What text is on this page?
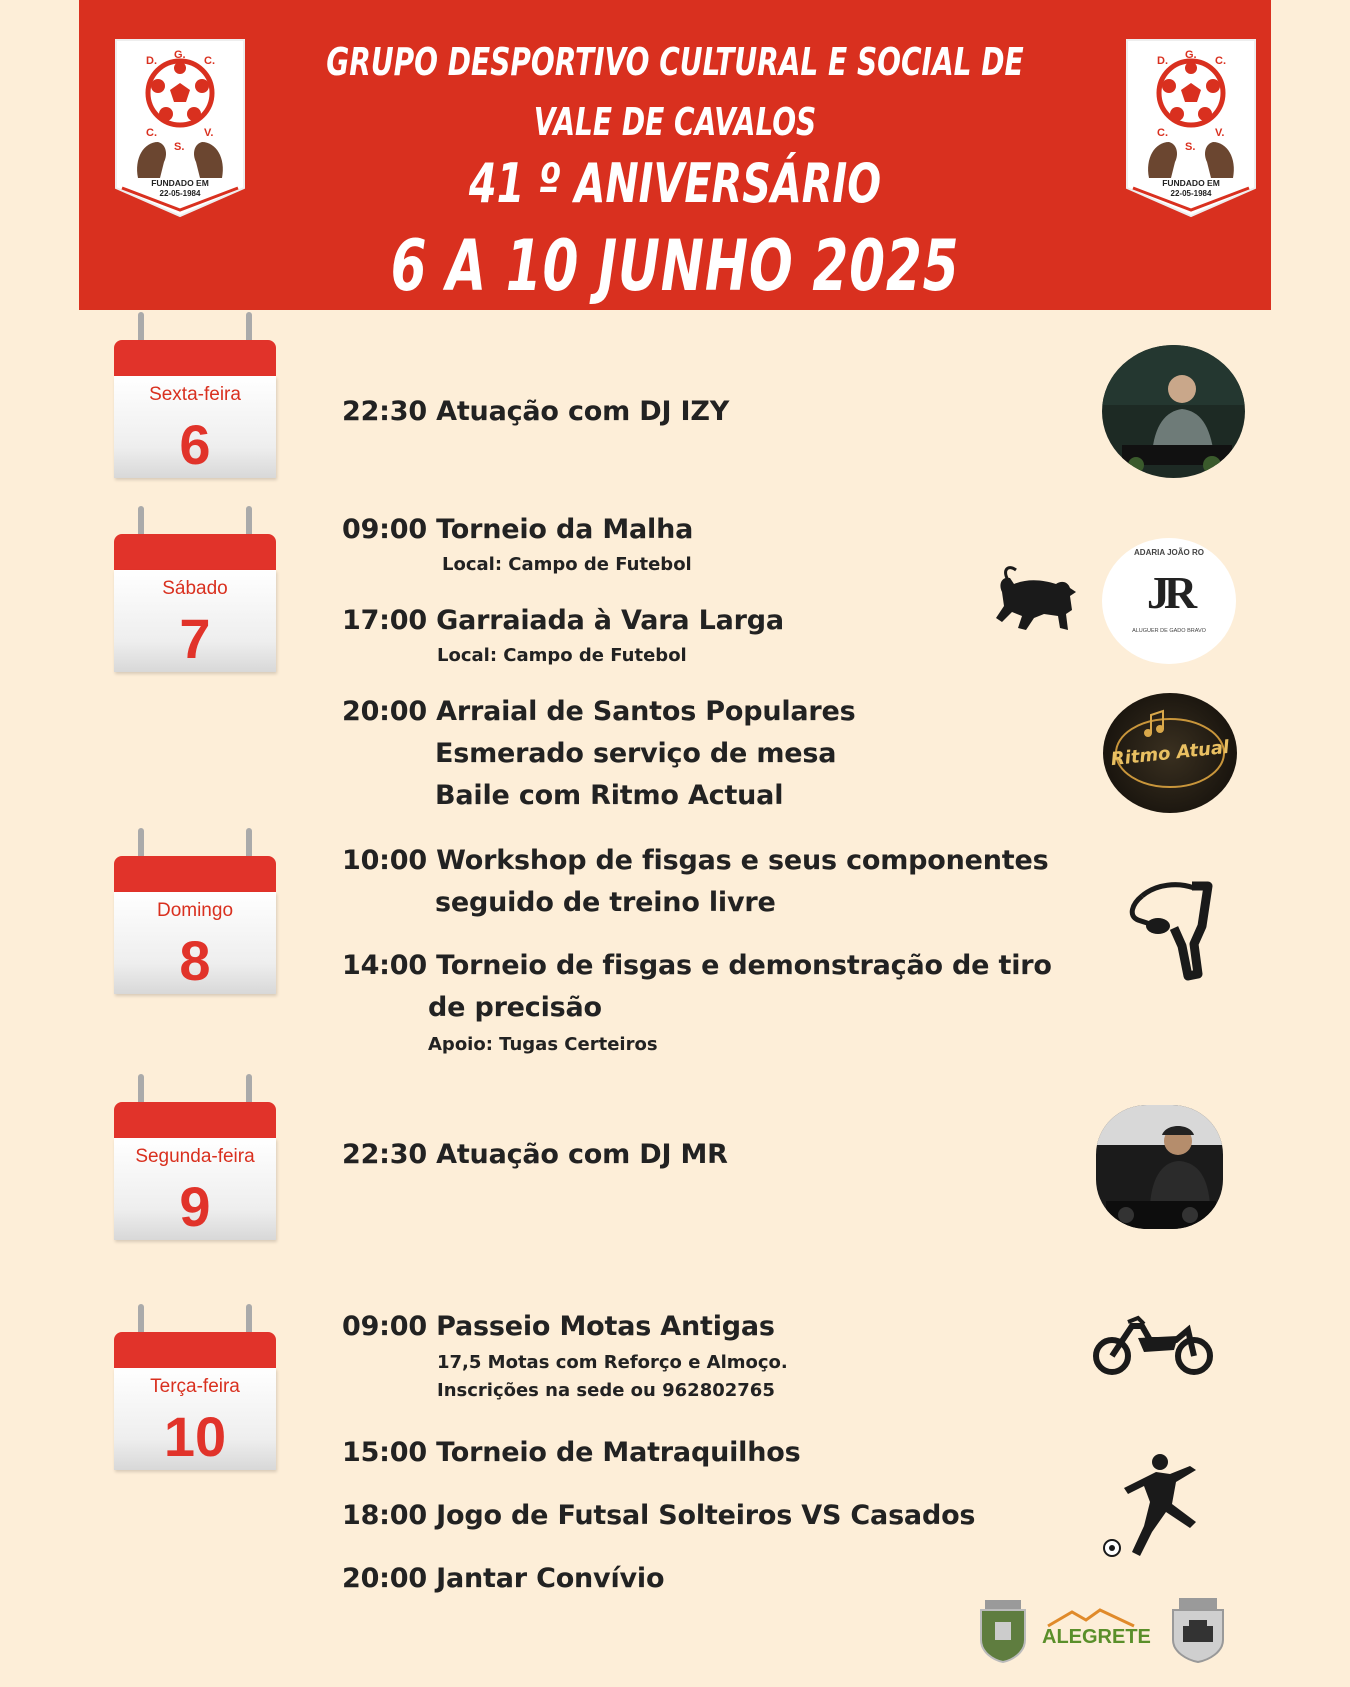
GRUPO DESPORTIVO CULTURAL E SOCIAL DE
VALE DE CAVALOS
41 º ANIVERSÁRIO
6 A 10 JUNHO 2025
D. G. C.
C.	V.
S.
FUNDADO EM
22-05-1984
D. G. C.
C.	V.
S.
FUNDADO EM
22-05-1984
Sexta-feira
6
Sábado
7
Domingo
8
Segunda-feira
9
Terça-feira
10
22:30 Atuação com DJ IZY
09:00 Torneio da Malha
Local: Campo de Futebol
17:00 Garraiada à Vara Larga
Local: Campo de Futebol
20:00 Arraial de Santos Populares
Esmerado serviço de mesa
Baile com Ritmo Actual
10:00 Workshop de fisgas e seus componentes
seguido de treino livre
14:00 Torneio de fisgas e demonstração de tiro
de precisão
Apoio: Tugas Certeiros
22:30 Atuação com DJ MR
09:00 Passeio Motas Antigas
17,5 Motas com Reforço e Almoço.
Inscrições na sede ou 962802765
15:00 Torneio de Matraquilhos
18:00 Jogo de Futsal Solteiros VS Casados
20:00 Jantar Convívio
ADARIA JOÃO RO
JR
ALUGUER DE GADO BRAVO
Ritmo Atual
ALEGRETE
